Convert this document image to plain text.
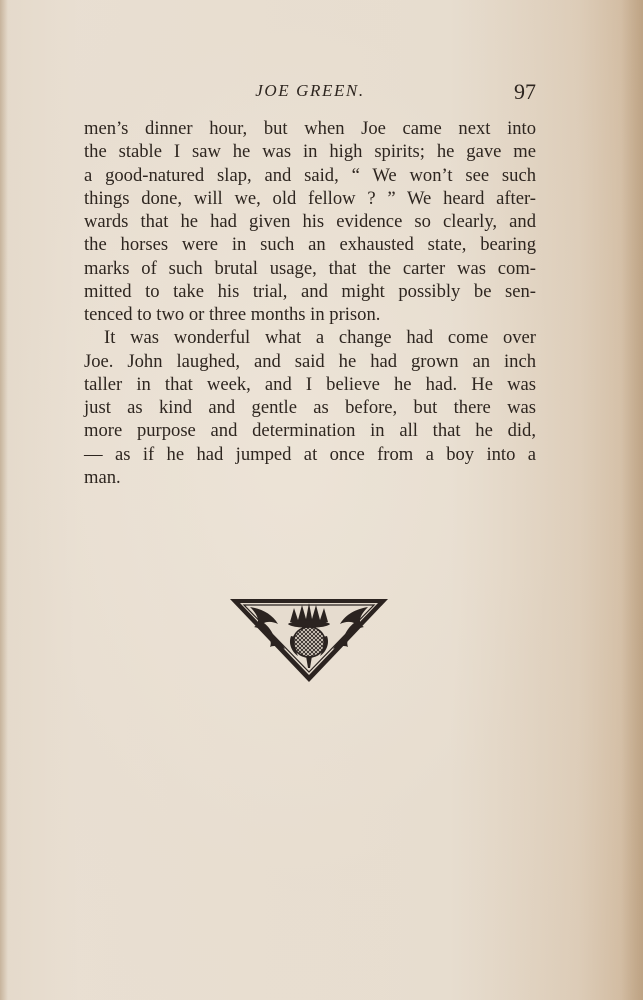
JOE GREEN.	97
men’s dinner hour, but when Joe came next into
the stable I saw he was in high spirits; he gave me
a good-natured slap, and said, “ We won’t see such
things done, will we, old fellow ? ” We heard after-
wards that he had given his evidence so clearly, and
the horses were in such an exhausted state, bearing
marks of such brutal usage, that the carter was com-
mitted to take his trial, and might possibly be sen-
tenced to two or three months in prison.
It was wonderful what a change had come over
Joe. John laughed, and said he had grown an inch
taller in that week, and I believe he had. He was
just as kind and gentle as before, but there was
more purpose and determination in all that he did,
— as if he had jumped at once from a boy into a
man.
